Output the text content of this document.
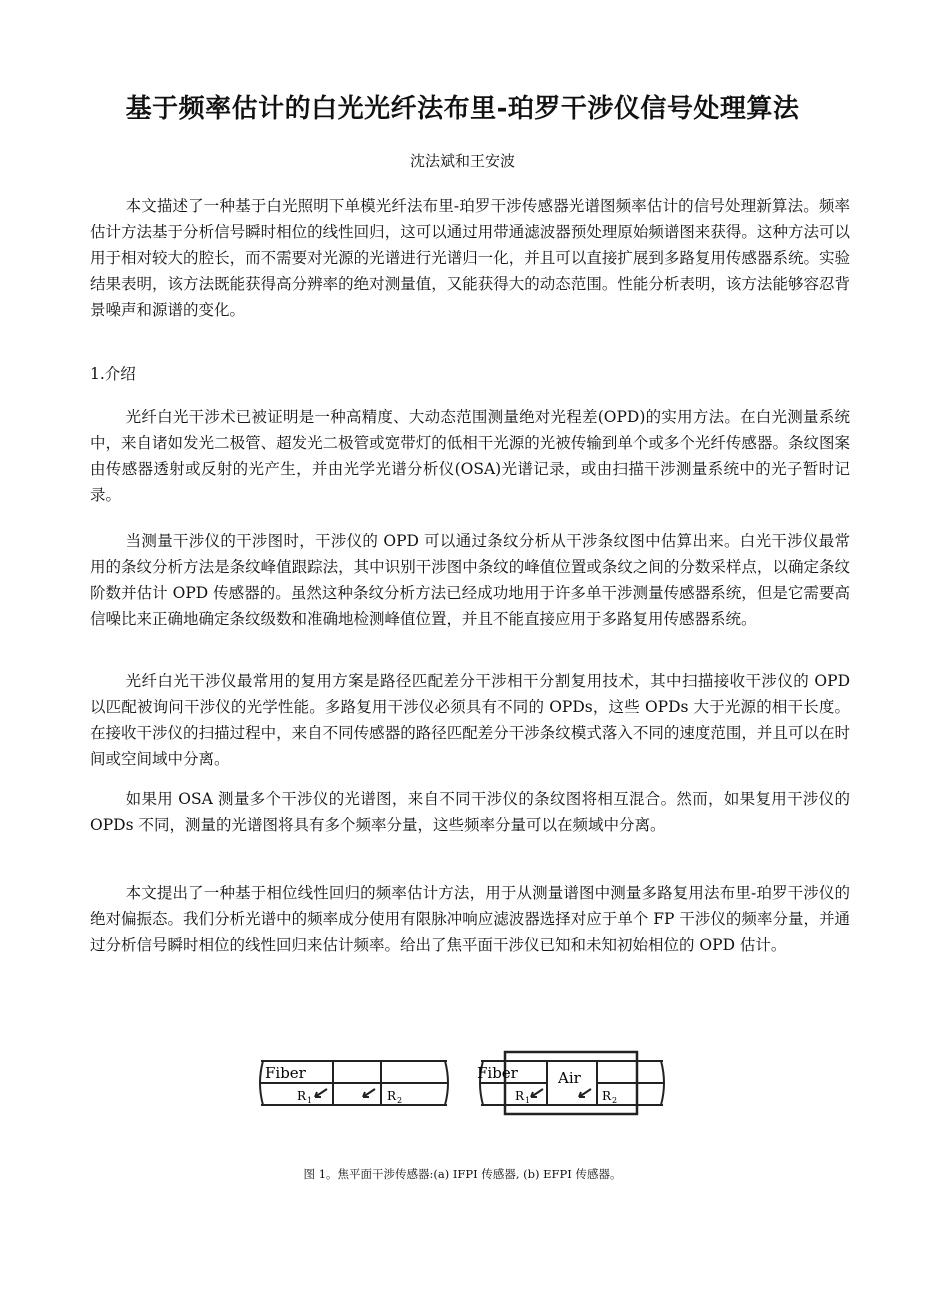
基于频率估计的白光光纤法布里-珀罗干涉仪信号处理算法

沈法斌和王安波

本文描述了一种基于白光照明下单模光纤法布里-珀罗干涉传感器光谱图频率估计的信号处理新算法。频率估计方法基于分析信号瞬时相位的线性回归，这可以通过用带通滤波器预处理原始频谱图来获得。这种方法可以用于相对较大的腔长，而不需要对光源的光谱进行光谱归一化，并且可以直接扩展到多路复用传感器系统。实验结果表明，该方法既能获得高分辨率的绝对测量值，又能获得大的动态范围。性能分析表明，该方法能够容忍背景噪声和源谱的变化。

1.介绍

光纤白光干涉术已被证明是一种高精度、大动态范围测量绝对光程差(OPD)的实用方法。在白光测量系统中，来自诸如发光二极管、超发光二极管或宽带灯的低相干光源的光被传输到单个或多个光纤传感器。条纹图案由传感器透射或反射的光产生，并由光学光谱分析仪(OSA)光谱记录，或由扫描干涉测量系统中的光子暂时记录。

当测量干涉仪的干涉图时，干涉仪的 OPD 可以通过条纹分析从干涉条纹图中估算出来。白光干涉仪最常用的条纹分析方法是条纹峰值跟踪法，其中识别干涉图中条纹的峰值位置或条纹之间的分数采样点，以确定条纹阶数并估计 OPD 传感器的。虽然这种条纹分析方法已经成功地用于许多单干涉测量传感器系统，但是它需要高信噪比来正确地确定条纹级数和准确地检测峰值位置，并且不能直接应用于多路复用传感器系统。

光纤白光干涉仪最常用的复用方案是路径匹配差分干涉相干分割复用技术，其中扫描接收干涉仪的 OPD 以匹配被询问干涉仪的光学性能。多路复用干涉仪必须具有不同的 OPDs，这些 OPDs 大于光源的相干长度。在接收干涉仪的扫描过程中，来自不同传感器的路径匹配差分干涉条纹模式落入不同的速度范围，并且可以在时间或空间域中分离。

如果用 OSA 测量多个干涉仪的光谱图，来自不同干涉仪的条纹图将相互混合。然而，如果复用干涉仪的 OPDs 不同，测量的光谱图将具有多个频率分量，这些频率分量可以在频域中分离。

本文提出了一种基于相位线性回归的频率估计方法，用于从测量谱图中测量多路复用法布里-珀罗干涉仪的绝对偏振态。我们分析光谱中的频率成分使用有限脉冲响应滤波器选择对应于单个 FP 干涉仪的频率分量，并通过分析信号瞬时相位的线性回归来估计频率。给出了焦平面干涉仪已知和未知初始相位的 OPD 估计。

Fiber
R 1	R 2
Fiber	Air
R 1	R 2

图 1。焦平面干涉传感器:(a) IFPI 传感器, (b) EFPI 传感器。
